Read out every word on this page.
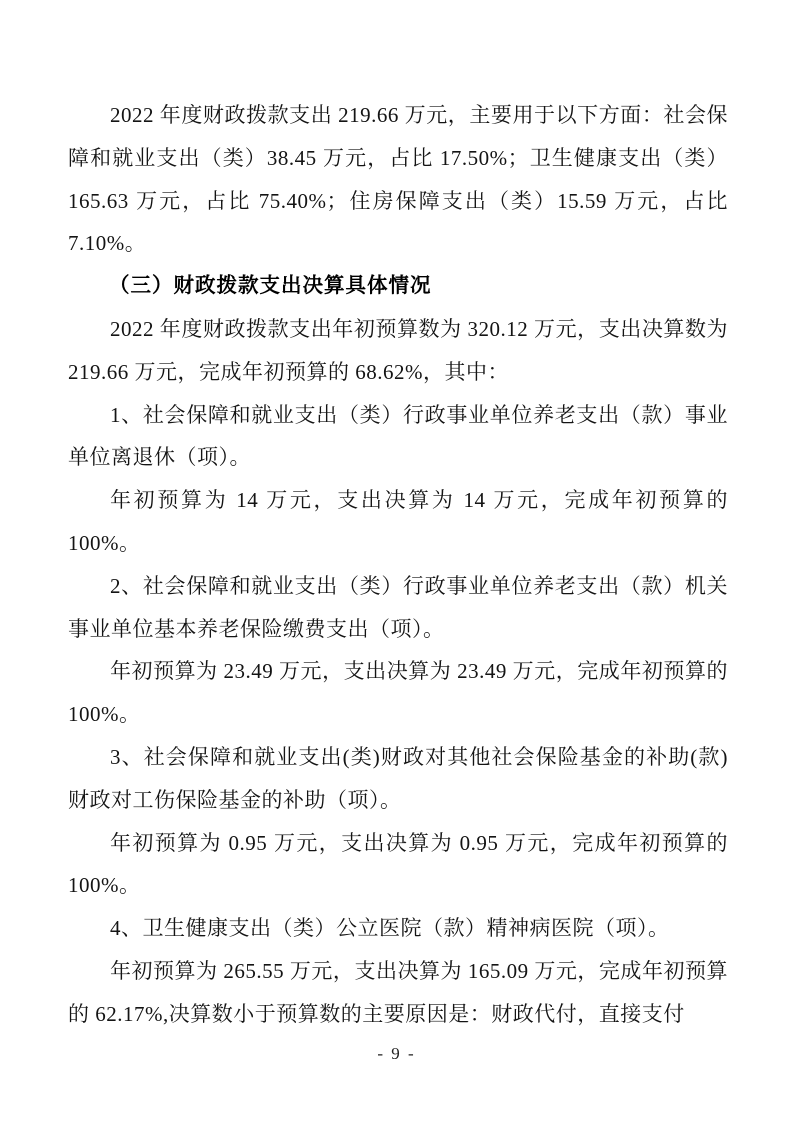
2022 年度财政拨款支出 219.66 万元，主要用于以下方面：社会保障和就业支出（类）38.45 万元，占比 17.50%；卫生健康支出（类）165.63 万元，占比 75.40%；住房保障支出（类）15.59 万元，占比 7.10%。

（三）财政拨款支出决算具体情况

2022 年度财政拨款支出年初预算数为 320.12 万元，支出决算数为 219.66 万元，完成年初预算的 68.62%，其中：

1、社会保障和就业支出（类）行政事业单位养老支出（款）事业单位离退休（项）。

年初预算为 14 万元，支出决算为 14 万元，完成年初预算的 100%。

2、社会保障和就业支出（类）行政事业单位养老支出（款）机关事业单位基本养老保险缴费支出（项）。

年初预算为 23.49 万元，支出决算为 23.49 万元，完成年初预算的 100%。

3、社会保障和就业支出(类)财政对其他社会保险基金的补助(款)财政对工伤保险基金的补助（项）。

年初预算为 0.95 万元，支出决算为 0.95 万元，完成年初预算的 100%。

4、卫生健康支出（类）公立医院（款）精神病医院（项）。

年初预算为 265.55 万元，支出决算为 165.09 万元，完成年初预算的 62.17%,决算数小于预算数的主要原因是：财政代付，直接支付

- 9 -
